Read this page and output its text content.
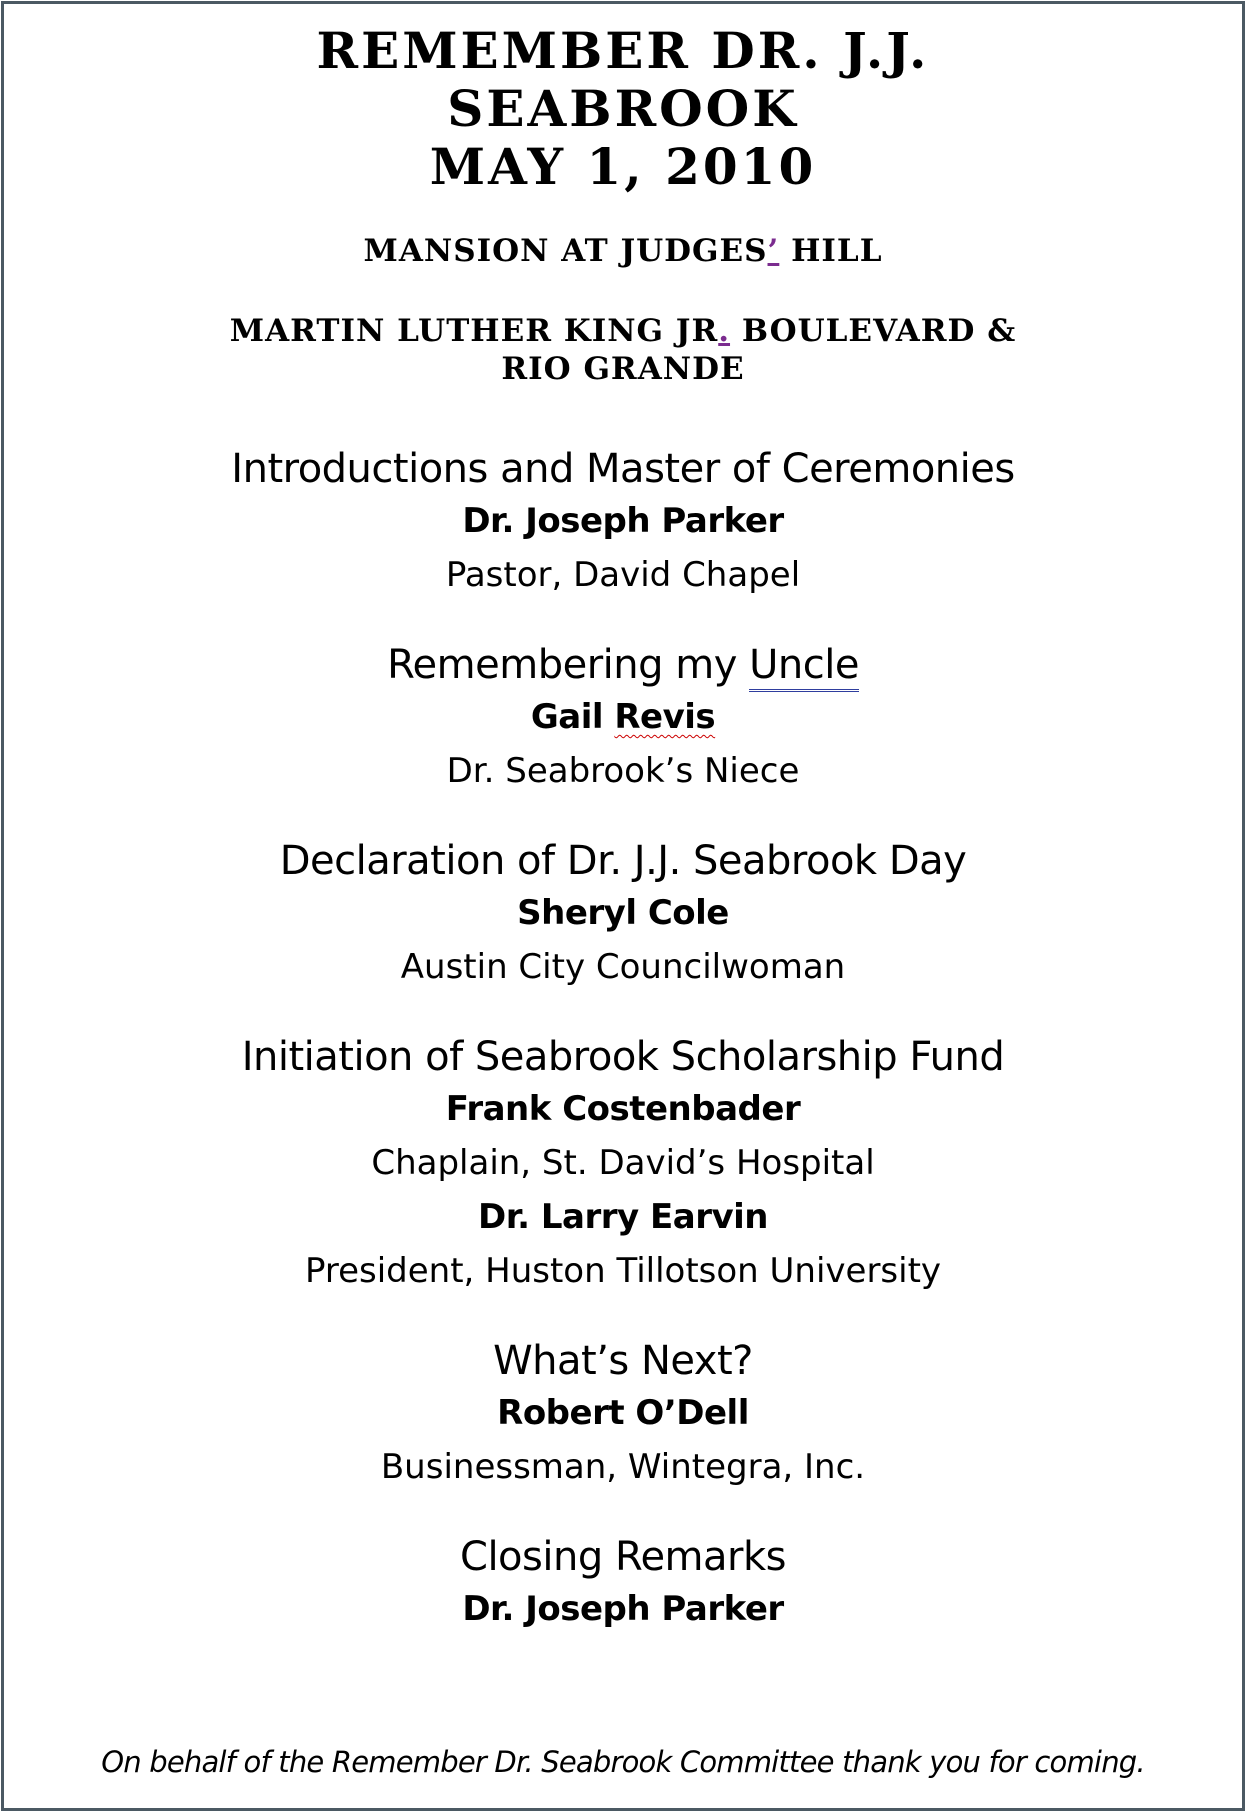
REMEMBER DR. J.J.
SEABROOK
MAY 1, 2010
MANSION AT JUDGES’ HILL
MARTIN LUTHER KING JR. BOULEVARD &
RIO GRANDE
Introductions and Master of Ceremonies
Dr. Joseph Parker
Pastor, David Chapel
Remembering my Uncle
Gail Revis
Dr. Seabrook’s Niece
Declaration of Dr. J.J. Seabrook Day
Sheryl Cole
Austin City Councilwoman
Initiation of Seabrook Scholarship Fund
Frank Costenbader
Chaplain, St. David’s Hospital
Dr. Larry Earvin
President, Huston Tillotson University
What’s Next?
Robert O’Dell
Businessman, Wintegra, Inc.
Closing Remarks
Dr. Joseph Parker
On behalf of the Remember Dr. Seabrook Committee thank you for coming.
